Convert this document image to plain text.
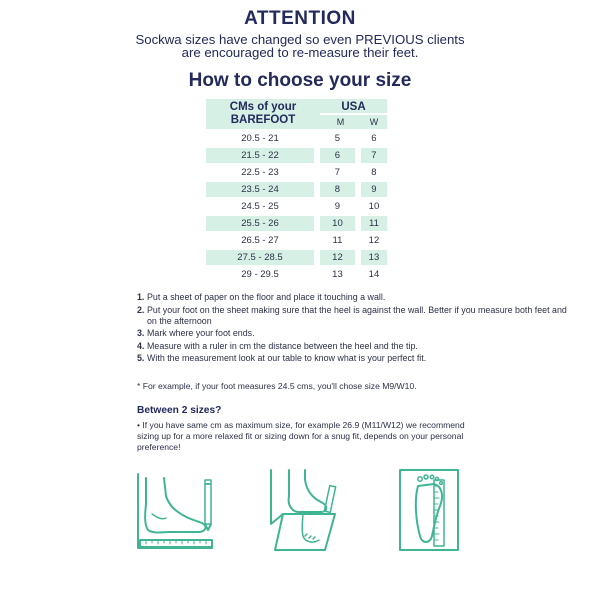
ATTENTION
Sockwa sizes have changed so even PREVIOUS clients
are encouraged to re-measure their feet.
How to choose your size
CMs of your
BAREFOOT	USA	
	M	W
20.5 - 21	5	6
21.5 - 22	6	7
22.5 - 23	7	8
23.5 - 24	8	9
24.5 - 25	9	10
25.5 - 26	10	11
26.5 - 27	11	12
27.5 - 28.5	12	13
29 - 29.5	13	14
1. Put a sheet of paper on the floor and place it touching a wall.
2. Put your foot on the sheet making sure that the heel is against the wall. Better if you measure both feet and on the afternoon
3. Mark where your foot ends.
4. Measure with a ruler in cm the distance between the heel and the tip.
5. With the measurement look at our table to know what is your perfect fit.
* For example, if your foot measures 24.5 cms, you'll chose size M9/W10.
Between 2 sizes?
• If you have same cm as maximum size, for example 26.9 (M11/W12) we recommend sizing up for a more relaxed fit or sizing down for a snug fit, depends on your personal preference!
